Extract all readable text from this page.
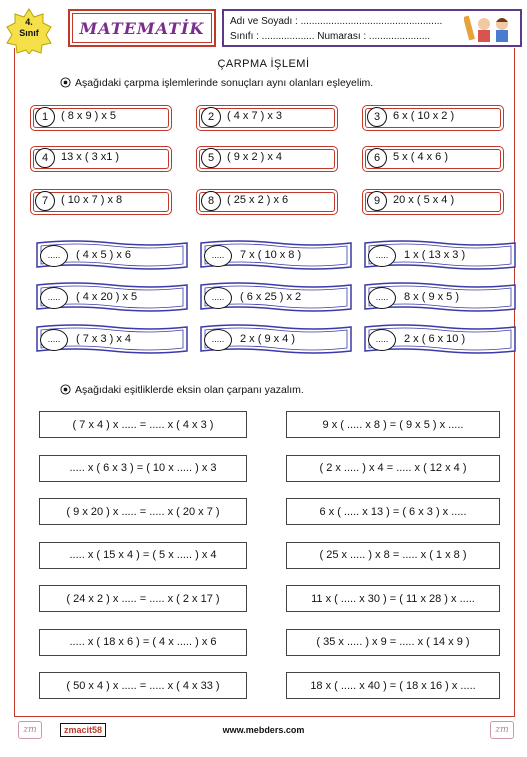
4.
Sınıf	MATEMATİK	Adı ve Soyadı : ...................................................
Sınıfı : ................... Numarası : ......................
ÇARPMA İŞLEMİ
Aşağıdaki çarpma işlemlerinde sonuçları aynı olanları eşleyelim.
1	( 8 x 9 ) x 5	2	( 4 x 7 ) x 3	3	6 x ( 10 x 2 )
4	13 x ( 3 x1 )	5	( 9 x 2 ) x 4	6	5 x ( 4 x 6 )
7	( 10 x 7 ) x 8	8	( 25 x 2 ) x 6	9	20 x ( 5 x 4 )
.....	( 4 x 5 ) x 6	.....	7 x ( 10 x 8 )	.....	1 x ( 13 x 3 )
.....	( 4 x 20 ) x 5	.....	( 6 x 25 ) x 2	.....	8 x ( 9 x 5 )
.....	( 7 x 3 ) x 4	.....	2 x ( 9 x 4 )	.....	2 x ( 6 x 10 )
Aşağıdaki eşitliklerde eksin olan çarpanı yazalım.
( 7 x 4 ) x ..... = ..... x ( 4 x 3 )
..... x ( 6 x 3 ) = ( 10 x ..... ) x 3
( 9 x 20 ) x ..... = ..... x ( 20 x 7 )
..... x ( 15 x 4 ) = ( 5 x ..... ) x 4
( 24 x 2 ) x ..... = ..... x ( 2 x 17 )
..... x ( 18 x 6 ) = ( 4 x ..... ) x 6
( 50 x 4 ) x ..... = ..... x ( 4 x 33 )
9 x ( ..... x 8 ) = ( 9 x 5 ) x .....
( 2 x ..... ) x 4 = ..... x ( 12 x 4 )
6 x ( ..... x 13 ) = ( 6 x 3 ) x .....
( 25 x ..... ) x 8 = ..... x ( 1 x 8 )
11 x ( ..... x 30 ) = ( 11 x 28 ) x .....
( 35 x ..... ) x 9 = ..... x ( 14 x 9 )
18 x ( ..... x 40 ) = ( 18 x 16 ) x .....
zm	zmacit58	www.mebders.com	zm
